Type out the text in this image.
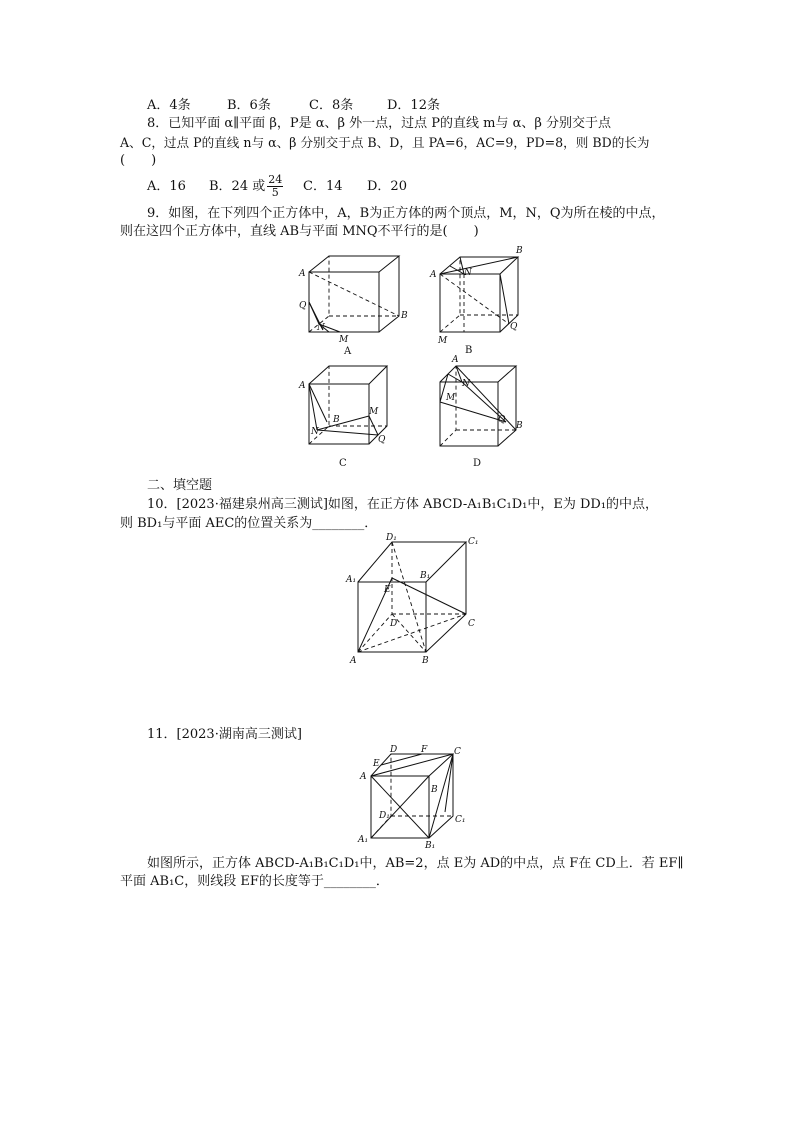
A．4条	B．6条	C．8条	D．12条
8．已知平面 α∥平面 β，P是 α、β 外一点，过点 P的直线 m与 α、β 分别交于点
A、C，过点 P的直线 n与 α、β 分别交于点 B、D，且 PA=6，AC=9，PD=8，则 BD的长为
(　　)
A．16 B．24 或 $\frac{24}{5}$ C．14 D．20
9．如图，在下列四个正方体中，A，B为正方体的两个顶点，M，N，Q为所在棱的中点，
则在这四个正方体中，直线 AB与平面 MNQ不平行的是(　　)
A
B
Q
N
M
A
A
B
N
Q
M
B
A
B
M
N
Q
C
A
N
M
Q
B
D
二、填空题
10．[2023·福建泉州高三测试]如图，在正方体 ABCD-A₁B₁C₁D₁中，E为 DD₁的中点，
则 BD₁与平面 AEC的位置关系为________．
D₁	C₁
A₁	B₁
E
D	C
A	B
11．[2023·湖南高三测试]
E
D	F	C
A
B
D₁	C₁
A₁
B₁
如图所示，正方体 ABCD-A₁B₁C₁D₁中，AB=2，点 E为 AD的中点，点 F在 CD上．若 EF∥
平面 AB₁C，则线段 EF的长度等于________．
